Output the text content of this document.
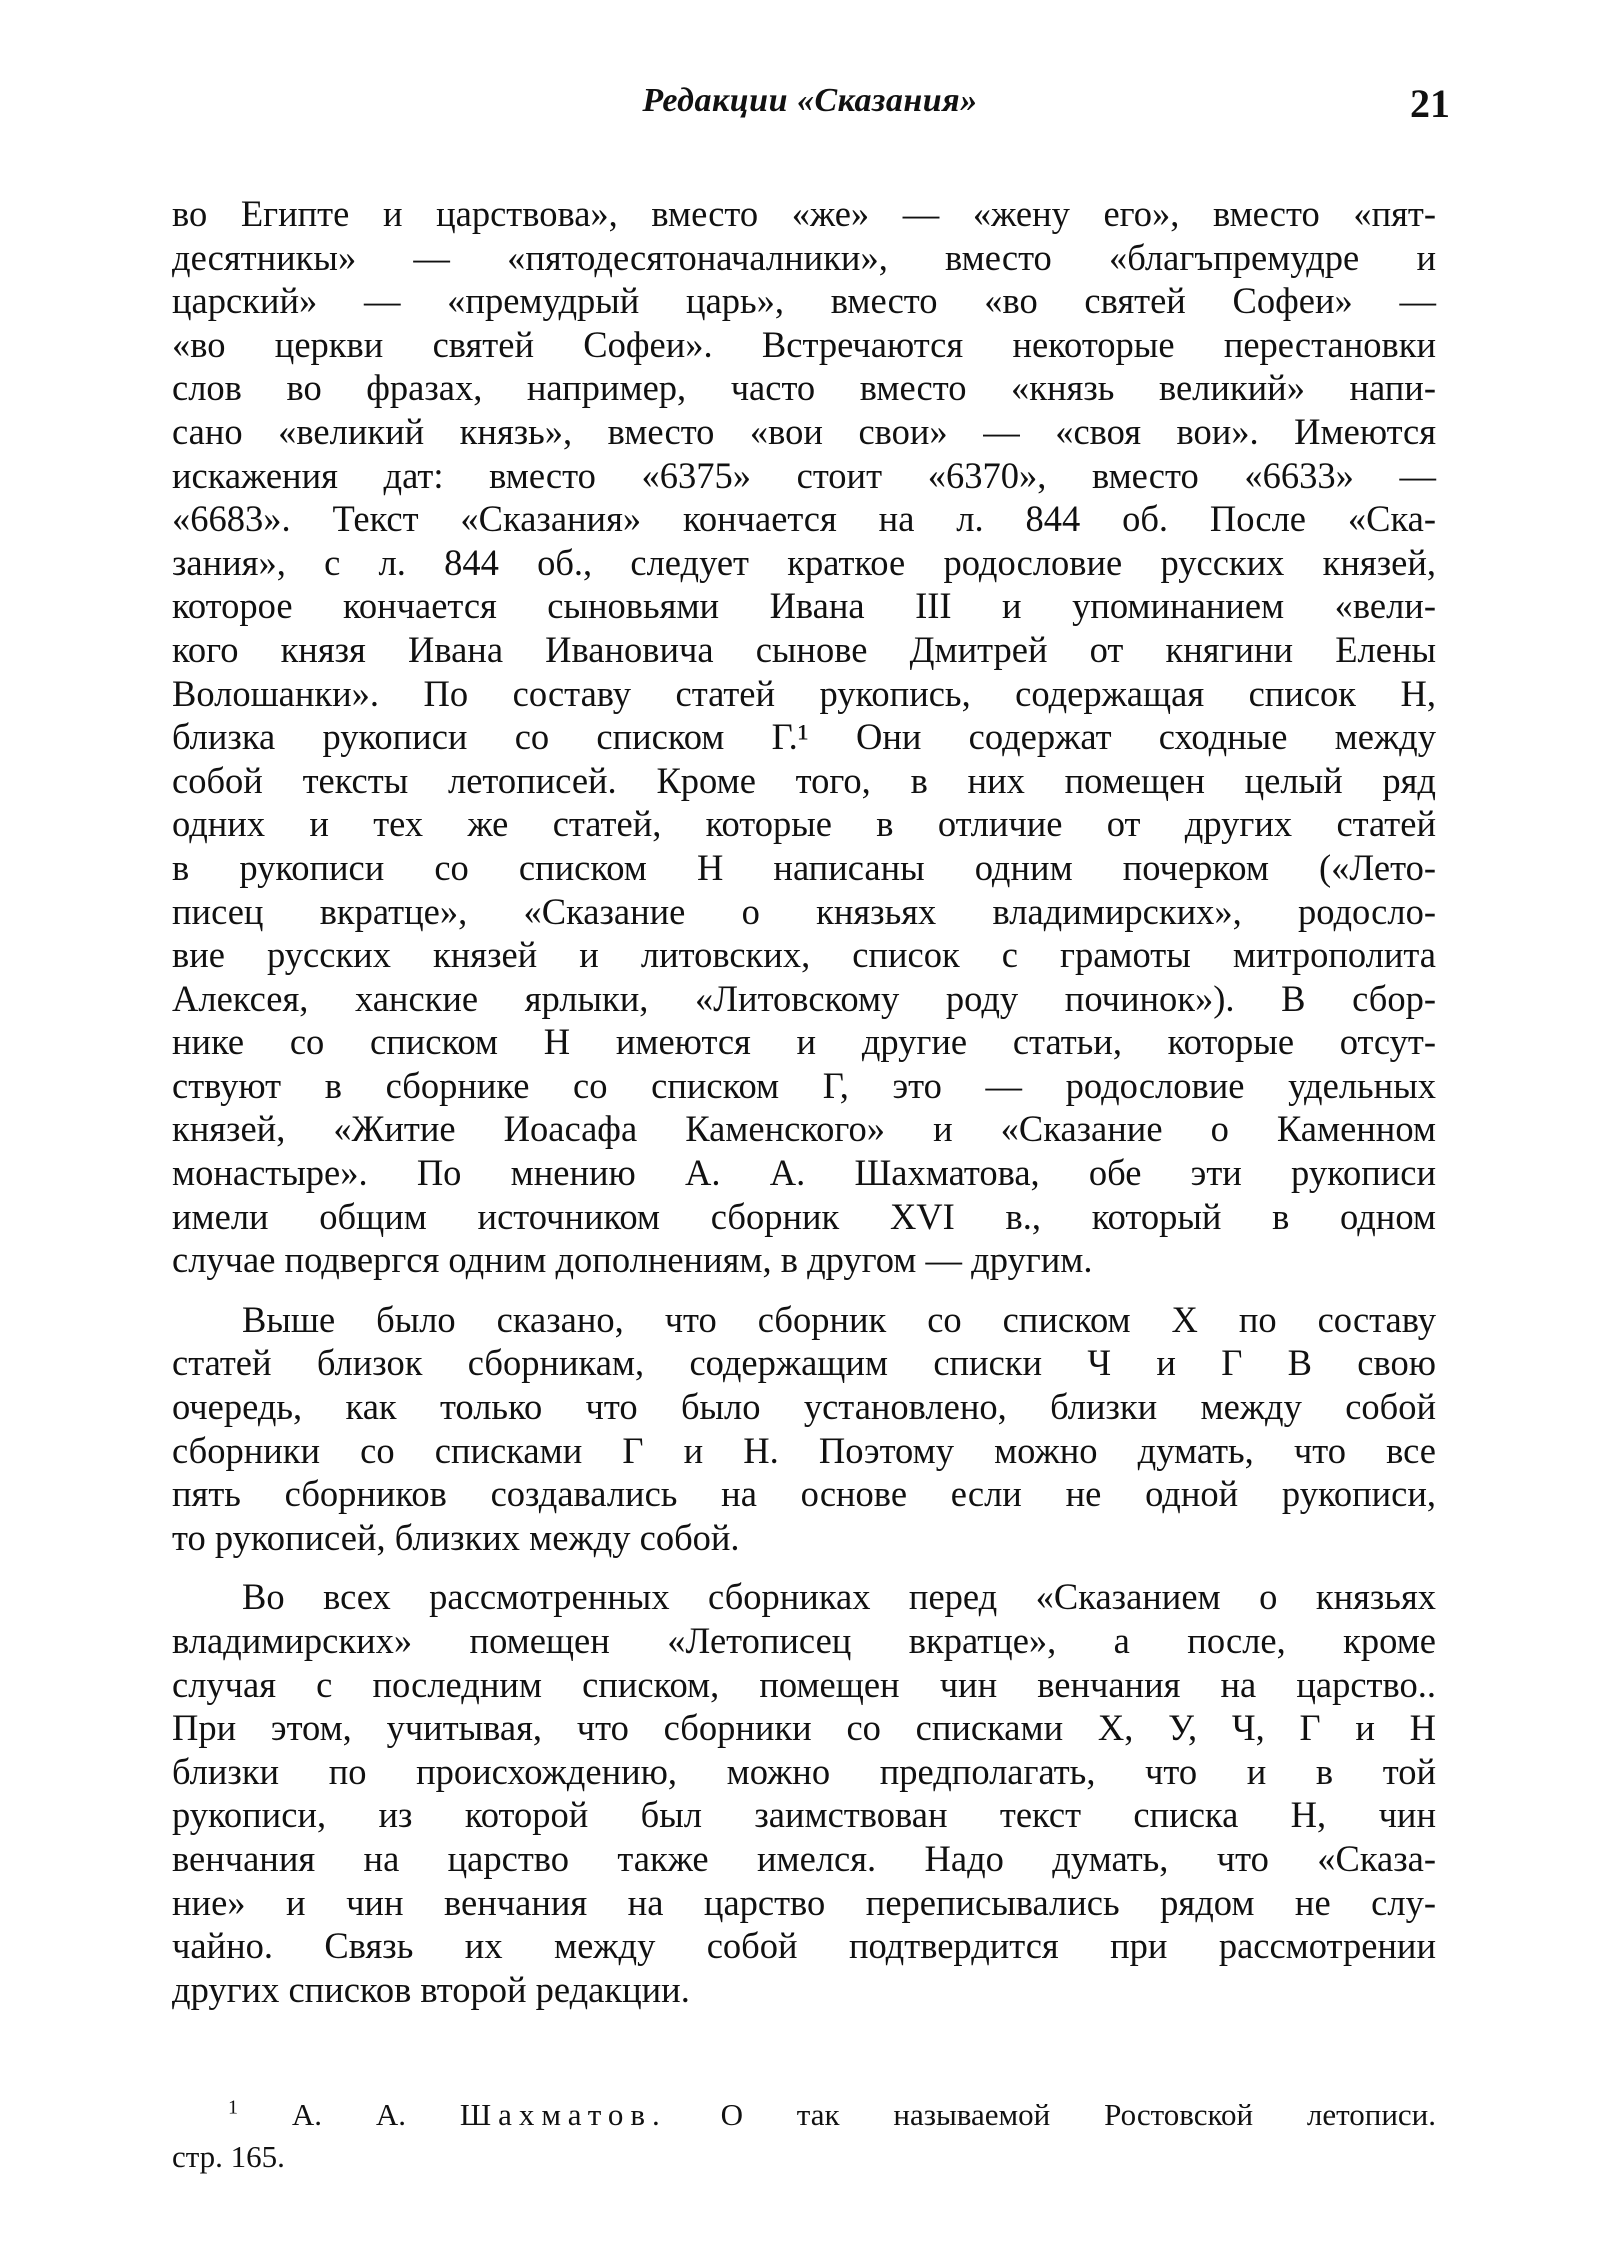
Редакции «Сказания»	21

во Египте и царствова», вместо «же» — «жену его», вместо «пят-
десятникы» — «пятодесятоначалники», вместо «благъпремудре и
царский» — «премудрый царь», вместо «во святей Софеи» —
«во церкви святей Софеи». Встречаются некоторые перестановки
слов во фразах, например, часто вместо «князь великий» напи-
сано «великий князь», вместо «вои свои» — «своя вои». Имеются
искажения дат: вместо «6375» стоит «6370», вместо «6633» —
«6683». Текст «Сказания» кончается на л. 844 об. После «Ска-
зания», с л. 844 об., следует краткое родословие русских князей,
которое кончается сыновьями Ивана III и упоминанием «вели-
кого князя Ивана Ивановича сынове Дмитрей от княгини Елены
Волошанки». По составу статей рукопись, содержащая список Н,
близка рукописи со списком Г.¹ Они содержат сходные между
собой тексты летописей. Кроме того, в них помещен целый ряд
одних и тех же статей, которые в отличие от других статей
в рукописи со списком Н написаны одним почерком («Лето-
писец вкратце», «Сказание о князьях владимирских», родосло-
вие русских князей и литовских, список с грамоты митрополита
Алексея, ханские ярлыки, «Литовскому роду починок»). В сбор-
нике со списком Н имеются и другие статьи, которые отсут-
ствуют в сборнике со списком Г, это — родословие удельных
князей, «Житие Иоасафа Каменского» и «Сказание о Каменном
монастыре». По мнению А. А. Шахматова, обе эти рукописи
имели общим источником сборник XVI в., который в одном
случае подвергся одним дополнениям, в другом — другим.

Выше было сказано, что сборник со списком Х по составу
статей близок сборникам, содержащим списки Ч и Г В свою
очередь, как только что было установлено, близки между собой
сборники со списками Г и Н. Поэтому можно думать, что все
пять сборников создавались на основе если не одной рукописи,
то рукописей, близких между собой.

Во всех рассмотренных сборниках перед «Сказанием о князьях
владимирских» помещен «Летописец вкратце», а после, кроме
случая с последним списком, помещен чин венчания на царство..
При этом, учитывая, что сборники со списками Х, У, Ч, Г и Н
близки по происхождению, можно предполагать, что и в той
рукописи, из которой был заимствован текст списка Н, чин
венчания на царство также имелся. Надо думать, что «Сказа-
ние» и чин венчания на царство переписывались рядом не слу-
чайно. Связь их между собой подтвердится при рассмотрении
других списков второй редакции.

$^1$ А. А. Шахматов. О так называемой Ростовской летописи.
стр. 165.
